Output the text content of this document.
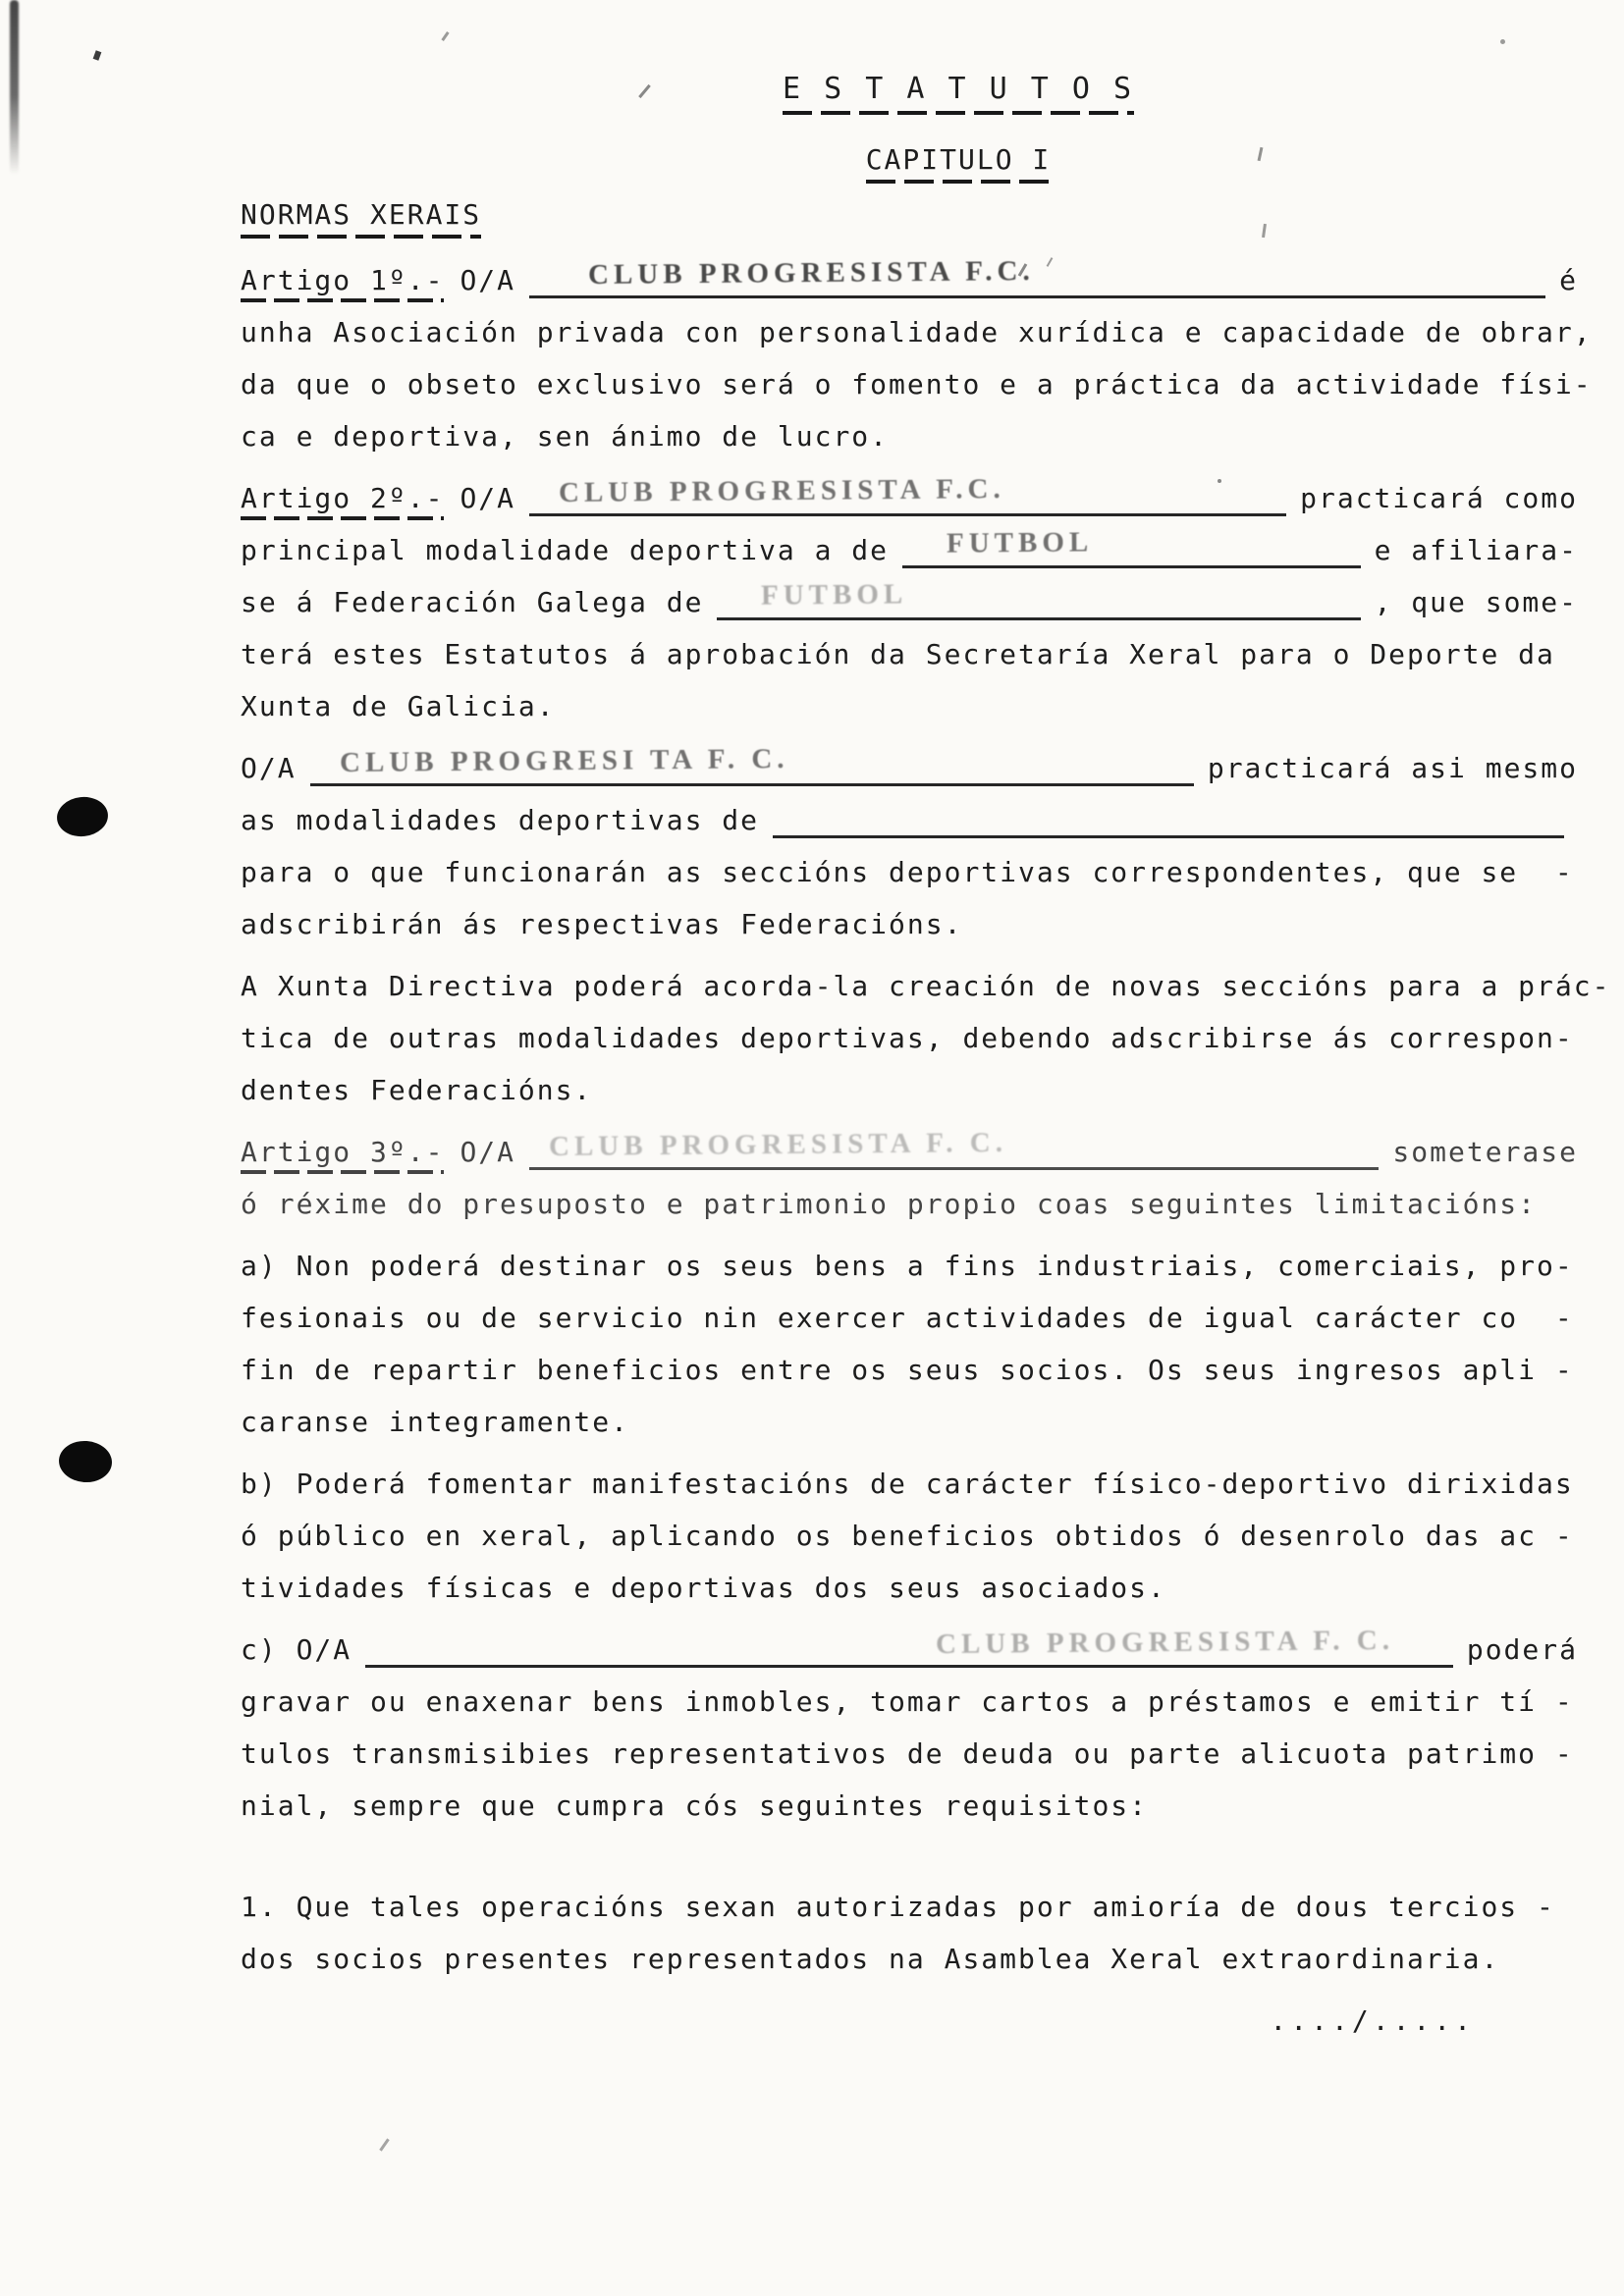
E S T A T U T O S
CAPITULO I
NORMAS XERAIS
Artigo 1º.- O/A	CLUB PROGRESISTA F.C.	é
unha Asociación privada con personalidade xurídica e capacidade de obrar,
da que o obseto exclusivo será o fomento e a práctica da actividade físi-
ca e deportiva, sen ánimo de lucro.
Artigo 2º.- O/A CLUB PROGRESISTA F.C.	practicará como
principal modalidade deportiva a de FUTBOL	e afiliara-
se á Federación Galega de FUTBOL	, que some-
terá estes Estatutos á aprobación da Secretaría Xeral para o Deporte da
Xunta de Galicia.
O/A CLUB PROGRESI TA F. C.	practicará asi mesmo
as modalidades deportivas de
para o que funcionarán as seccións deportivas correspondentes, que se  -
adscribirán ás respectivas Federacións.
A Xunta Directiva poderá acorda-la creación de novas seccións para a prác-
tica de outras modalidades deportivas, debendo adscribirse ás correspon-
dentes Federacións.
Artigo 3º.- O/A CLUB PROGRESISTA F. C.	someterase
ó réxime do presuposto e patrimonio propio coas seguintes limitacións:
a) Non poderá destinar os seus bens a fins industriais, comerciais, pro-
fesionais ou de servicio nin exercer actividades de igual carácter co  -
fin de repartir beneficios entre os seus socios. Os seus ingresos apli -
caranse integramente.
b) Poderá fomentar manifestacións de carácter físico-deportivo dirixidas
ó público en xeral, aplicando os beneficios obtidos ó desenrolo das ac -
tividades físicas e deportivas dos seus asociados.
c) O/A	CLUB PROGRESISTA F. C.	poderá
gravar ou enaxenar bens inmobles, tomar cartos a préstamos e emitir tí -
tulos transmisibies representativos de deuda ou parte alicuota patrimo -
nial, sempre que cumpra cós seguintes requisitos:
1. Que tales operacións sexan autorizadas por amioría de dous tercios -
dos socios presentes representados na Asamblea Xeral extraordinaria.
..../.....
